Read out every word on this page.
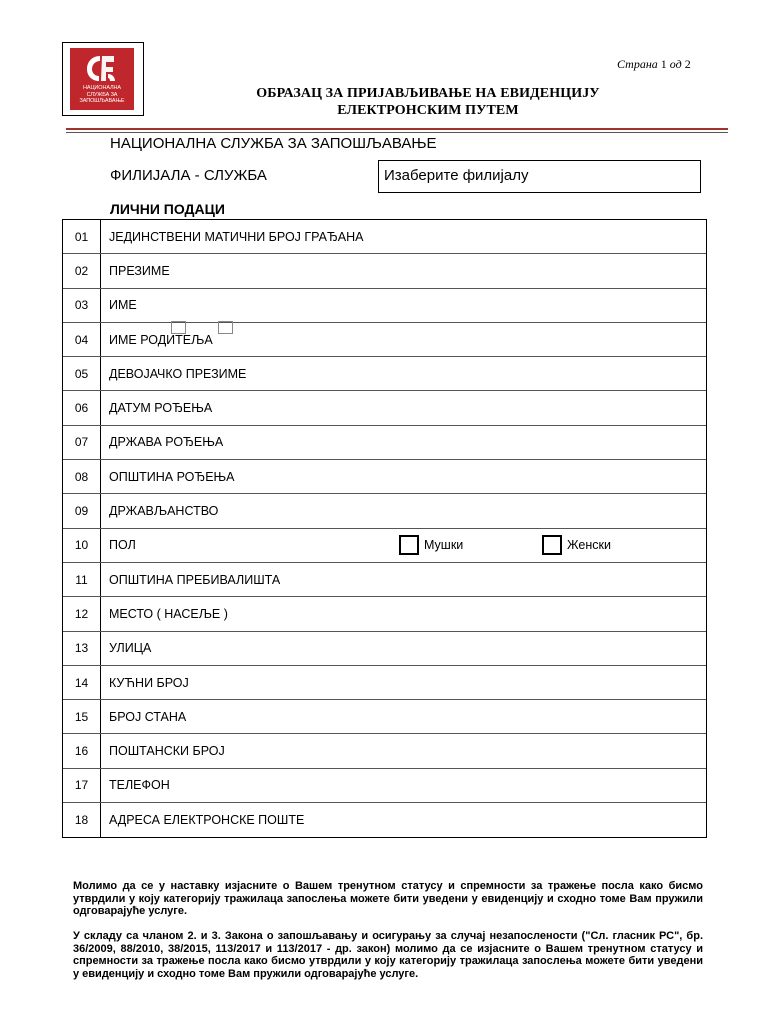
НАЦИОНАЛНА СЛУЖБА ЗА ЗАПОШЉАВАЊЕ
Страна 1 од 2
ОБРАЗАЦ ЗА ПРИЈАВЉИВАЊЕ НА ЕВИДЕНЦИЈУ
ЕЛЕКТРОНСКИМ ПУТЕМ
НАЦИОНАЛНА СЛУЖБА ЗА ЗАПОШЉАВАЊЕ
ФИЛИЈАЛА - СЛУЖБА	Изаберите филијалу
ЛИЧНИ ПОДАЦИ
01	ЈЕДИНСТВЕНИ МАТИЧНИ БРОЈ ГРАЂАНА
02	ПРЕЗИМЕ
03	ИМЕ
04	ИМЕ РОДИТЕЉА
05	ДЕВОЈАЧКО ПРЕЗИМЕ
06	ДАТУМ РОЂЕЊА
07	ДРЖАВА РОЂЕЊА
08	ОПШТИНА РОЂЕЊА
09	ДРЖАВЉАНСТВО
10	ПОЛ	Мушки	Женски
11	ОПШТИНА ПРЕБИВАЛИШТА
12	МЕСТО ( НАСЕЉЕ )
13	УЛИЦА
14	КУЋНИ БРОЈ
15	БРОЈ СТАНА
16	ПОШТАНСКИ БРОЈ
17	ТЕЛЕФОН
18	АДРЕСА ЕЛЕКТРОНСКЕ ПОШТЕ
Молимо да се у наставку изјасните о Вашем тренутном статусу и спремности за тражење посла како бисмо утврдили у коју категорију тражилаца запослења можете бити уведени у евиденцију и сходно томе Вам пружили одговарајуће услуге.
У складу са чланом 2. и 3. Закона о запошљавању и осигурању за случај незапослености ("Сл. гласник РС", бр. 36/2009, 88/2010, 38/2015, 113/2017 и 113/2017 - др. закон) молимо да се изјасните о Вашем тренутном статусу и спремности за тражење посла како бисмо утврдили у коју категорију тражилаца запослења можете бити уведени у евиденцију и сходно томе Вам пружили одговарајуће услуге.
